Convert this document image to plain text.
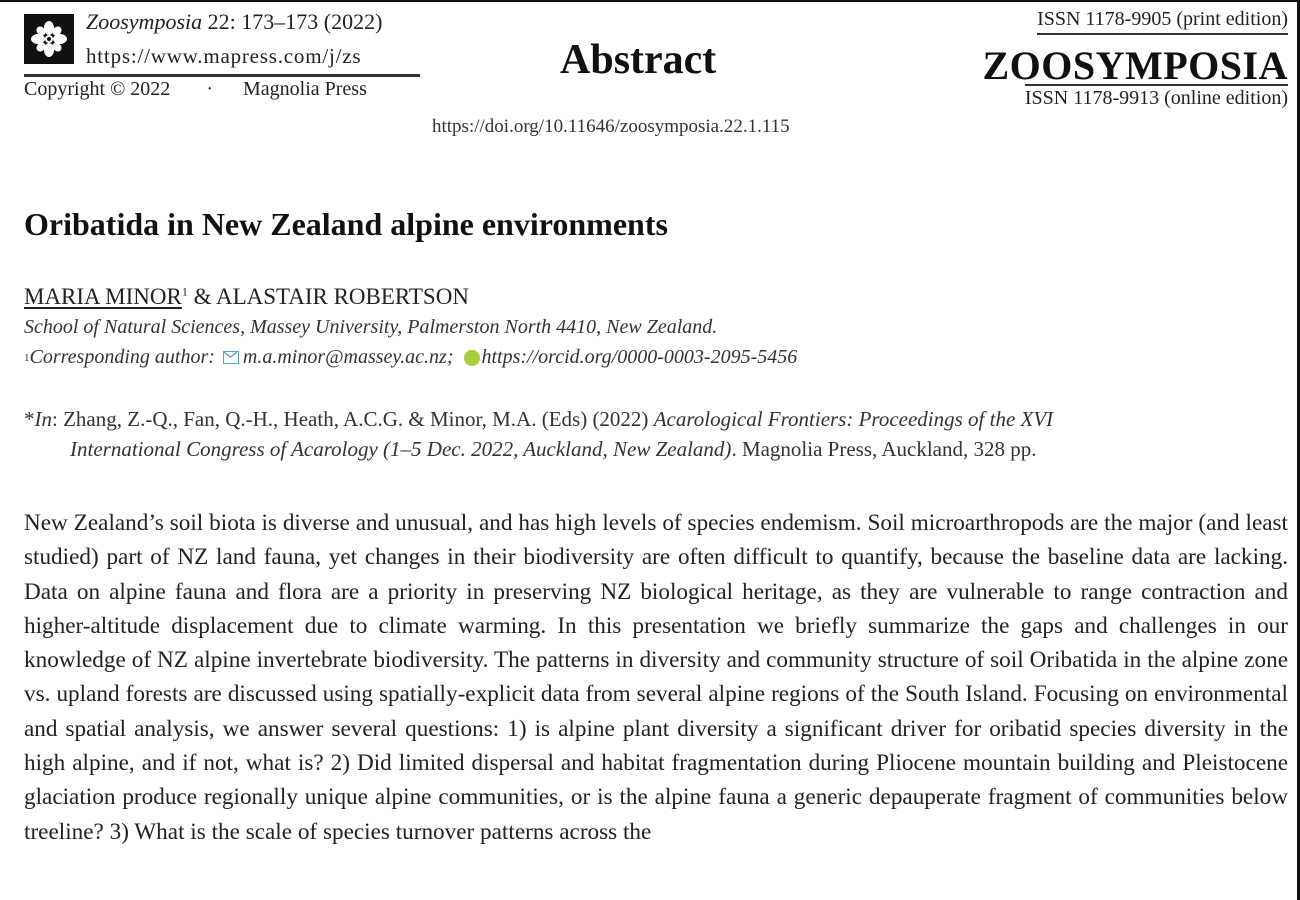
Zoosymposia 22: 173–173 (2022)
https://www.mapress.com/j/zs
Copyright © 2022 · Magnolia Press
Abstract
https://doi.org/10.11646/zoosymposia.22.1.115
ISSN 1178-9905 (print edition)
ZOOSYMPOSIA
ISSN 1178-9913 (online edition)
Oribatida in New Zealand alpine environments
MARIA MINOR$^1$ & ALASTAIR ROBERTSON
School of Natural Sciences, Massey University, Palmerston North 4410, New Zealand.
1 Corresponding author: m.a.minor@massey.ac.nz; https://orcid.org/0000-0003-2095-5456
*In: Zhang, Z.-Q., Fan, Q.-H., Heath, A.C.G. & Minor, M.A. (Eds) (2022) Acarological Frontiers: Proceedings of the XVI
International Congress of Acarology (1–5 Dec. 2022, Auckland, New Zealand). Magnolia Press, Auckland, 328 pp.
New Zealand’s soil biota is diverse and unusual, and has high levels of species endemism. Soil microarthropods are the major (and least studied) part of NZ land fauna, yet changes in their biodiversity are often difficult to quantify, because the baseline data are lacking. Data on alpine fauna and flora are a priority in preserving NZ biological heritage, as they are vulnerable to range contraction and higher-altitude displacement due to climate warming. In this presentation we briefly summarize the gaps and challenges in our knowledge of NZ alpine invertebrate biodiversity. The patterns in diversity and community structure of soil Oribatida in the alpine zone vs. upland forests are discussed using spatially-explicit data from several alpine regions of the South Island. Focusing on environmental and spatial analysis, we answer several questions: 1) is alpine plant diversity a significant driver for oribatid species diversity in the high alpine, and if not, what is? 2) Did limited dispersal and habitat fragmentation during Pliocene mountain building and Pleistocene glaciation produce regionally unique alpine communities, or is the alpine fauna a generic depauperate fragment of communities below treeline? 3) What is the scale of species turnover patterns across the
